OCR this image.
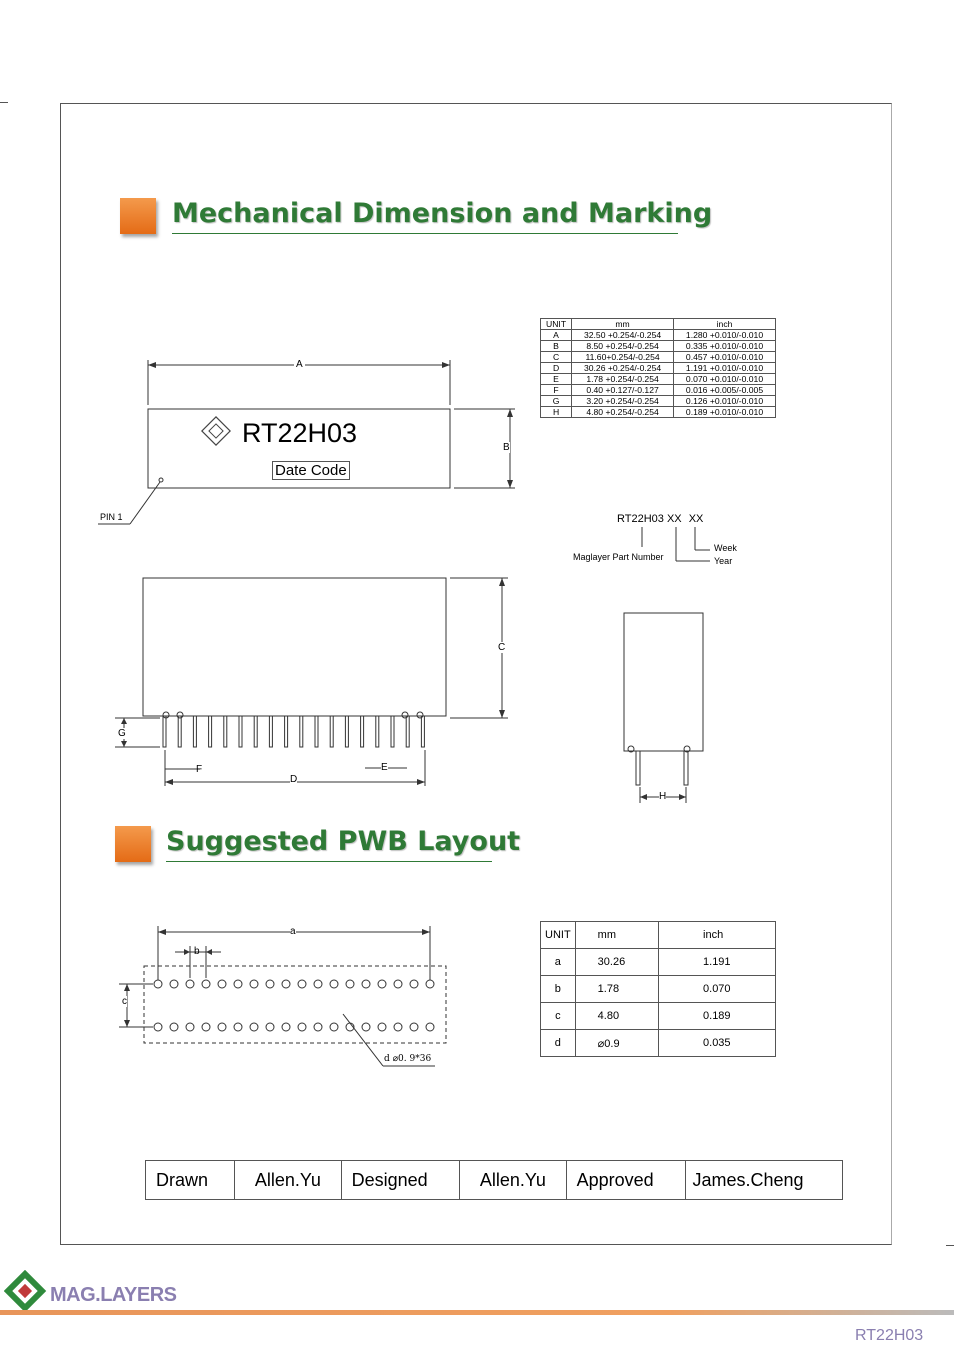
Mechanical Dimension and Marking
UNIT	mm	inch
A	32.50 +0.254/-0.254	1.280 +0.010/-0.010
B	8.50 +0.254/-0.254	0.335 +0.010/-0.010
C	11.60+0.254/-0.254	0.457 +0.010/-0.010
D	30.26 +0.254/-0.254	1.191 +0.010/-0.010
E	1.78 +0.254/-0.254	0.070 +0.010/-0.010
F	0.40 +0.127/-0.127	0.016 +0.005/-0.005
G	3.20 +0.254/-0.254	0.126 +0.010/-0.010
H	4.80 +0.254/-0.254	0.189 +0.010/-0.010
A
B
RT22H03
Date Code
PIN 1	RT22H03 XX XX
Maglayer Part Number
Week
Year
C
G
F
D
E
H
Suggested PWB Layout
a
b
c
d ⌀0. 9*36
UNIT	mm	inch
a	30.26	1.191
b	1.78	0.070
c	4.80	0.189
d	⌀0.9	0.035
Drawn	Allen.Yu	Designed	Allen.Yu	Approved	James.Cheng
MAG.LAYERS
RT22H03
